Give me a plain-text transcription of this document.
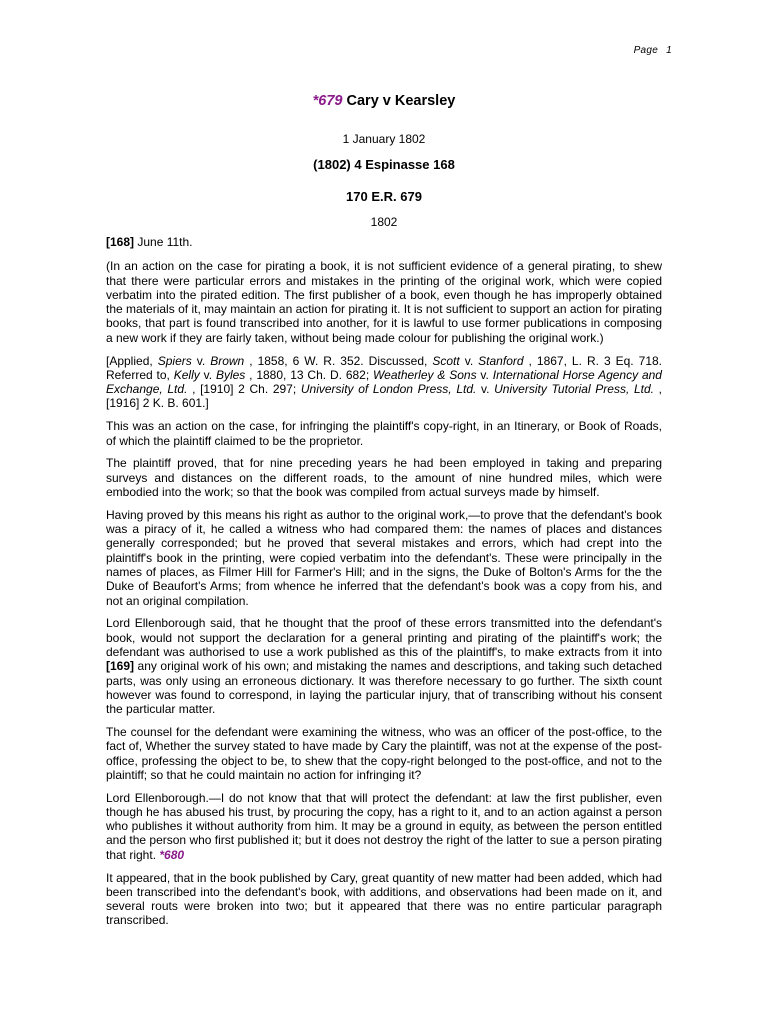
Page 1
*679 Cary v Kearsley
1 January 1802
(1802) 4 Espinasse 168
170 E.R. 679
1802

[168] June 11th.

(In an action on the case for pirating a book, it is not sufficient evidence of a general pirating, to shew that there were particular errors and mistakes in the printing of the original work, which were copied verbatim into the pirated edition. The first publisher of a book, even though he has improperly obtained the materials of it, may maintain an action for pirating it. It is not sufficient to support an action for pirating books, that part is found transcribed into another, for it is lawful to use former publications in composing a new work if they are fairly taken, without being made colour for publishing the original work.)

[Applied, Spiers v. Brown , 1858, 6 W. R. 352. Discussed, Scott v. Stanford , 1867, L. R. 3 Eq. 718. Referred to, Kelly v. Byles , 1880, 13 Ch. D. 682; Weatherley & Sons v. International Horse Agency and Exchange, Ltd. , [1910] 2 Ch. 297; University of London Press, Ltd. v. University Tutorial Press, Ltd. , [1916] 2 K. B. 601.]

This was an action on the case, for infringing the plaintiff's copy-right, in an Itinerary, or Book of Roads, of which the plaintiff claimed to be the proprietor.

The plaintiff proved, that for nine preceding years he had been employed in taking and preparing surveys and distances on the different roads, to the amount of nine hundred miles, which were embodied into the work; so that the book was compiled from actual surveys made by himself.

Having proved by this means his right as author to the original work,—to prove that the defendant's book was a piracy of it, he called a witness who had compared them: the names of places and distances generally corresponded; but he proved that several mistakes and errors, which had crept into the plaintiff's book in the printing, were copied verbatim into the defendant's. These were principally in the names of places, as Filmer Hill for Farmer's Hill; and in the signs, the Duke of Bolton's Arms for the the Duke of Beaufort's Arms; from whence he inferred that the defendant's book was a copy from his, and not an original compilation.

Lord Ellenborough said, that he thought that the proof of these errors transmitted into the defendant's book, would not support the declaration for a general printing and pirating of the plaintiff's work; the defendant was authorised to use a work published as this of the plaintiff's, to make extracts from it into [169] any original work of his own; and mistaking the names and descriptions, and taking such detached parts, was only using an erroneous dictionary. It was therefore necessary to go further. The sixth count however was found to correspond, in laying the particular injury, that of transcribing without his consent the particular matter.

The counsel for the defendant were examining the witness, who was an officer of the post-office, to the fact of, Whether the survey stated to have made by Cary the plaintiff, was not at the expense of the post-office, professing the object to be, to shew that the copy-right belonged to the post-office, and not to the plaintiff; so that he could maintain no action for infringing it?

Lord Ellenborough.—I do not know that that will protect the defendant: at law the first publisher, even though he has abused his trust, by procuring the copy, has a right to it, and to an action against a person who publishes it without authority from him. It may be a ground in equity, as between the person entitled and the person who first published it; but it does not destroy the right of the latter to sue a person pirating that right. *680

It appeared, that in the book published by Cary, great quantity of new matter had been added, which had been transcribed into the defendant's book, with additions, and observations had been made on it, and several routs were broken into two; but it appeared that there was no entire particular paragraph transcribed.
